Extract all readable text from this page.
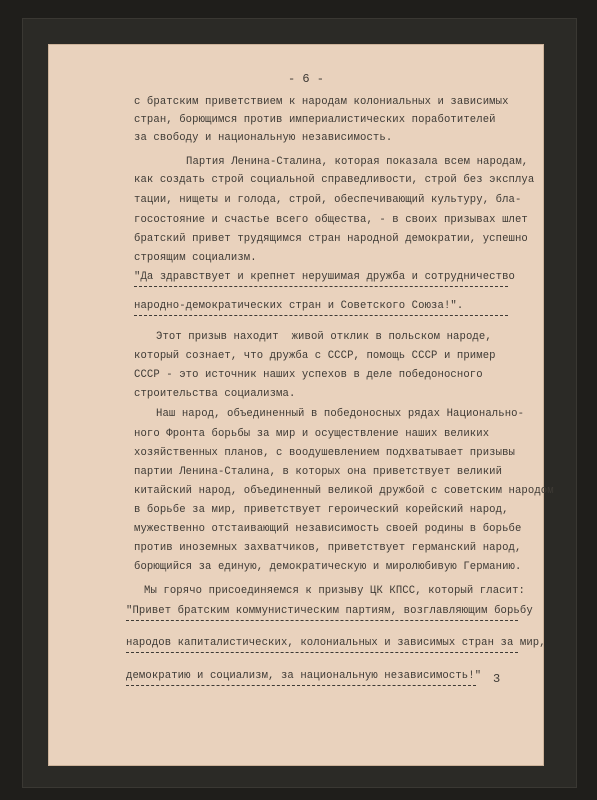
- 6 -
с братским приветствием к народам колониальных и зависимых
стран, борющимся против империалистических поработителей
за свободу и национальную независимость.
Партия Ленина-Сталина, которая показала всем народам,
как создать строй социальной справедливости, строй без эксплуа
тации, нищеты и голода, строй, обеспечивающий культуру, бла-
госостояние и счастье всего общества, - в своих призывах шлет
братский привет трудящимся стран народной демократии, успешно
строящим социализм.
"Да здравствует и крепнет нерушимая дружба и сотрудничество
народно-демократических стран и Советского Союза!".
Этот призыв находит  живой отклик в польском народе,
который сознает, что дружба с СССР, помощь СССР и пример
СССР - это источник наших успехов в деле победоносного
строительства социализма.
Наш народ, объединенный в победоносных рядах Национально-
ного Фронта борьбы за мир и осуществление наших великих
хозяйственных планов, с воодушевлением подхватывает призывы
партии Ленина-Сталина, в которых она приветствует великий
китайский народ, объединенный великой дружбой с советским народом
в борьбе за мир, приветствует героический корейский народ,
мужественно отстаивающий независимость своей родины в борьбе
против иноземных захватчиков, приветствует германский народ,
борющийся за единую, демократическую и миролюбивую Германию.
Мы горячо присоединяемся к призыву ЦК КПСС, который гласит:
"Привет братским коммунистическим партиям, возглавляющим борьбу
народов капиталистических, колониальных и зависимых стран за мир,
демократию и социализм, за национальную независимость!" 3
